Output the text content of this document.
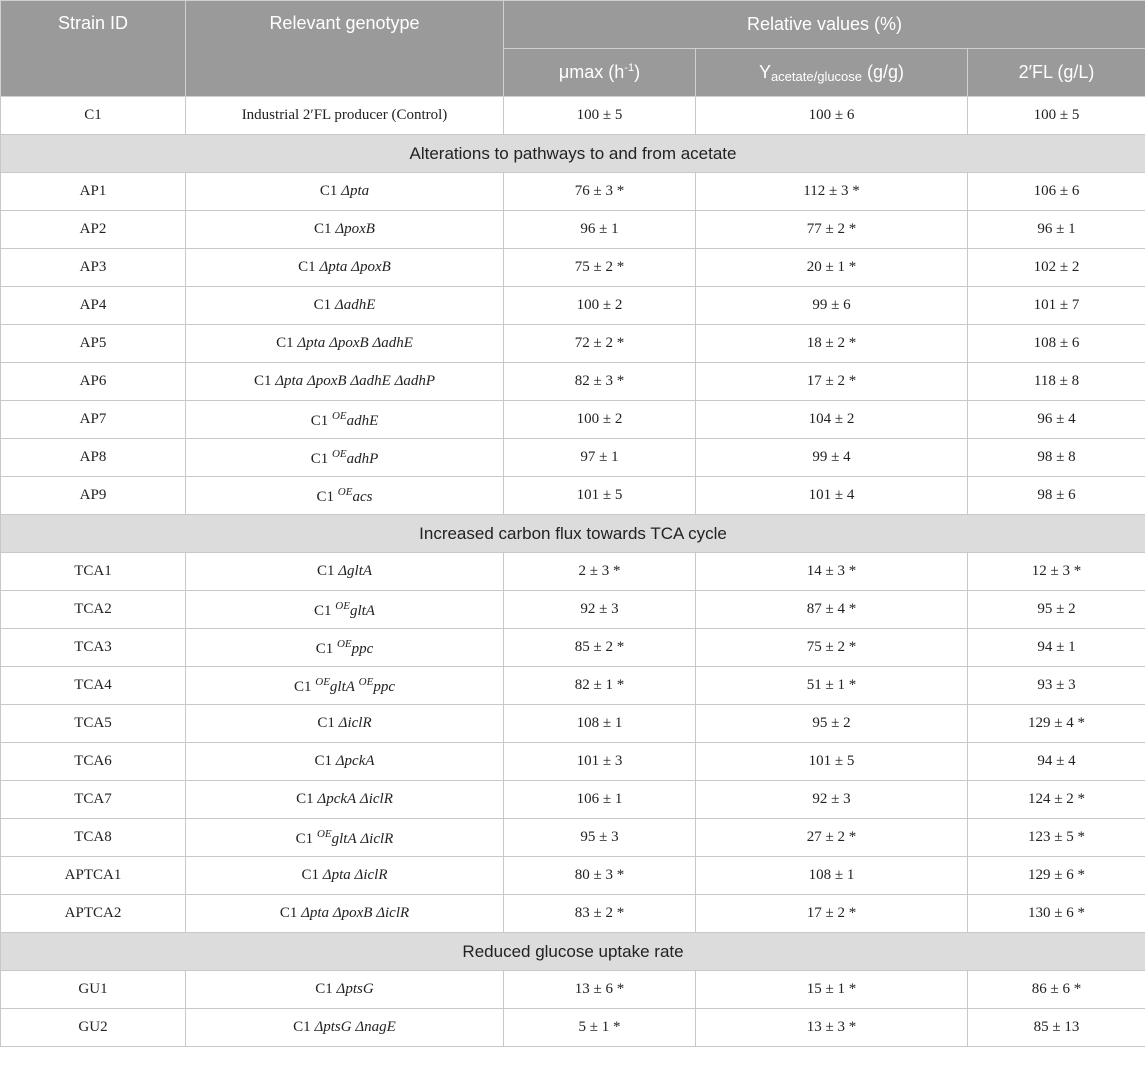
Strain ID	Relevant genotype	Relative values (%)		
		μmax $(h^{-1})$	$Y_{acetate/glucose}$ (g/g)	2′FL (g/L)
C1	Industrial 2′FL producer (Control)	100 ± 5	100 ± 6	100 ± 5
Alterations to pathways to and from acetate				
AP1	C1 Δpta	76 ± 3 *	112 ± 3 *	106 ± 6
AP2	C1 ΔpoxB	96 ± 1	77 ± 2 *	96 ± 1
AP3	C1 Δpta ΔpoxB	75 ± 2 *	20 ± 1 *	102 ± 2
AP4	C1 ΔadhE	100 ± 2	99 ± 6	101 ± 7
AP5	C1 Δpta ΔpoxB ΔadhE	72 ± 2 *	18 ± 2 *	108 ± 6
AP6	C1 Δpta ΔpoxB ΔadhE ΔadhP	82 ± 3 *	17 ± 2 *	118 ± 8
AP7	C1 $^{OE}$adhE	100 ± 2	104 ± 2	96 ± 4
AP8	C1 $^{OE}$adhP	97 ± 1	99 ± 4	98 ± 8
AP9	C1 $^{OE}$acs	101 ± 5	101 ± 4	98 ± 6
Increased carbon flux towards TCA cycle				
TCA1	C1 ΔgltA	2 ± 3 *	14 ± 3 *	12 ± 3 *
TCA2	C1 $^{OE}$gltA	92 ± 3	87 ± 4 *	95 ± 2
TCA3	C1 $^{OE}$ppc	85 ± 2 *	75 ± 2 *	94 ± 1
TCA4	C1 $^{OE}$gltA $^{OE}$ppc	82 ± 1 *	51 ± 1 *	93 ± 3
TCA5	C1 ΔiclR	108 ± 1	95 ± 2	129 ± 4 *
TCA6	C1 ΔpckA	101 ± 3	101 ± 5	94 ± 4
TCA7	C1 ΔpckA ΔiclR	106 ± 1	92 ± 3	124 ± 2 *
TCA8	C1 $^{OE}$gltA ΔiclR	95 ± 3	27 ± 2 *	123 ± 5 *
APTCA1	C1 Δpta ΔiclR	80 ± 3 *	108 ± 1	129 ± 6 *
APTCA2	C1 Δpta ΔpoxB ΔiclR	83 ± 2 *	17 ± 2 *	130 ± 6 *
Reduced glucose uptake rate				
GU1	C1 ΔptsG	13 ± 6 *	15 ± 1 *	86 ± 6 *
GU2	C1 ΔptsG ΔnagE	5 ± 1 *	13 ± 3 *	85 ± 13
